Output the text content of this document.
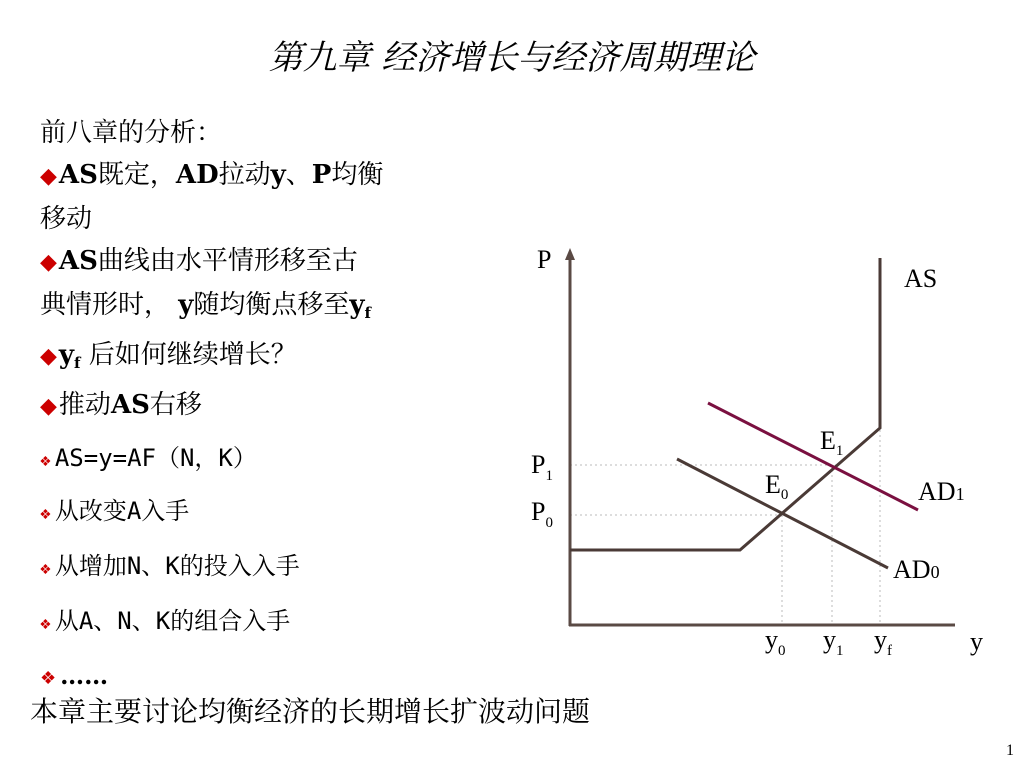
第九章 经济增长与经济周期理论
前八章的分析：
◆AS既定，AD拉动y、P均衡
移动
◆AS曲线由水平情形移至古
典情形时， y随均衡点移至$y_f$
$◆y_f$ 后如何继续增长？
◆推动AS右移
❖ AS=y=AF（N，K）
❖ 从改变A入手
❖ 从增加N、K的投入入手
❖ 从A、N、K的组合入手
❖ ……
P
y
AS
$E_1$
$E_0$	AD1
AD0
$P_1$
$P_0$
$y_0$ $y_1$ $y_f$
本章主要讨论均衡经济的长期增长扩波动问题
1
